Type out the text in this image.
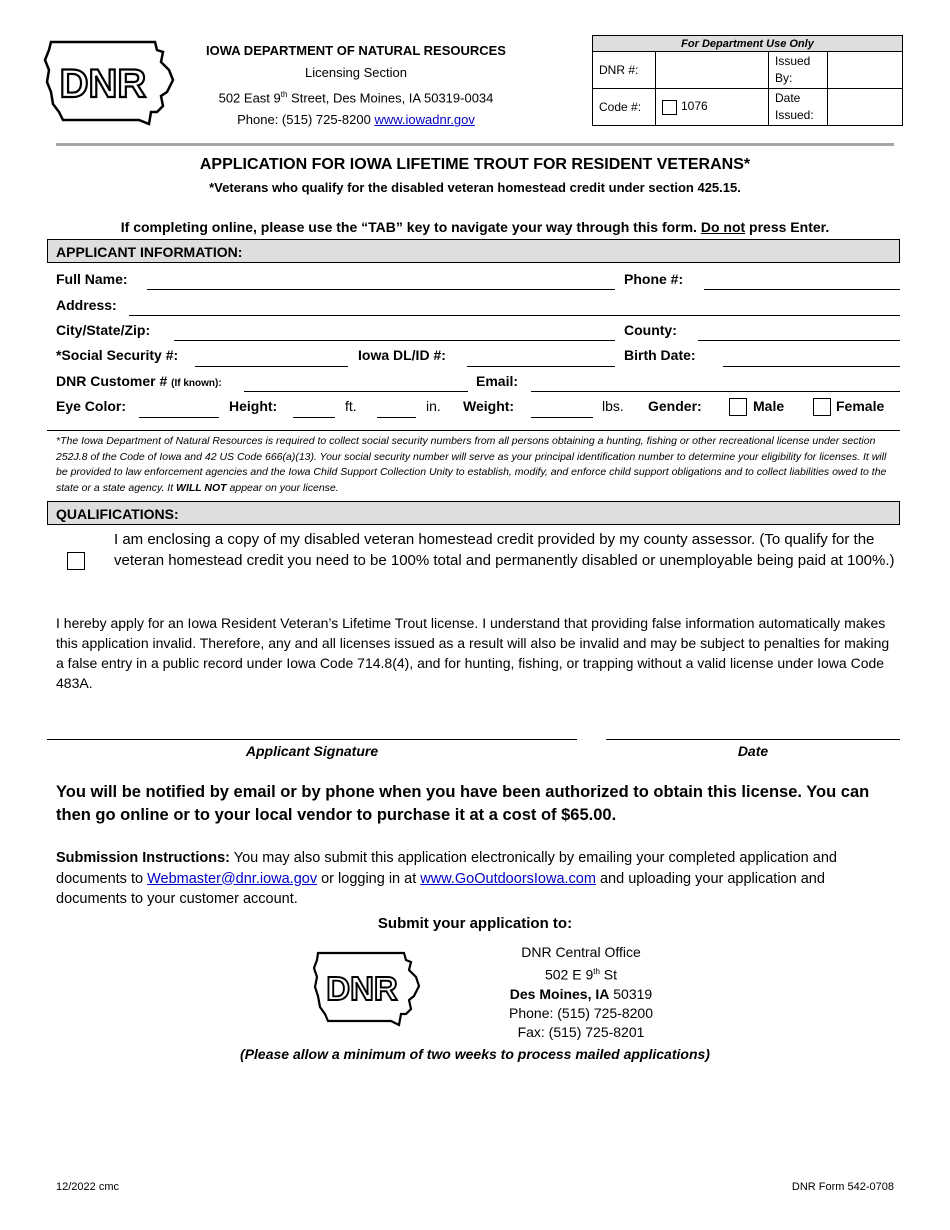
DNR
IOWA DEPARTMENT OF NATURAL RESOURCES
Licensing Section
502 East 9th Street, Des Moines, IA 50319-0034
Phone: (515) 725-8200 www.iowadnr.gov
For Department Use Only			
DNR #:		Issued By:	
Code #:	1076	Date Issued:	
APPLICATION FOR IOWA LIFETIME TROUT FOR RESIDENT VETERANS*
*Veterans who qualify for the disabled veteran homestead credit under section 425.15.
If completing online, please use the “TAB” key to navigate your way through this form. Do not press Enter.
APPLICANT INFORMATION:
Full Name:	Phone #:
Address:
City/State/Zip:	County:
*Social Security #:	Iowa DL/ID #:	Birth Date:
DNR Customer # (If known):	Email:
Eye Color:	Height:	ft.	in. Weight:	lbs. Gender:	Male	Female
*The Iowa Department of Natural Resources is required to collect social security numbers from all persons obtaining a hunting, fishing or other recreational license under section 252J.8 of the Code of Iowa and 42 US Code 666(a)(13). Your social security number will serve as your principal identification number to determine your eligibility for licenses. It will be provided to law enforcement agencies and the Iowa Child Support Collection Unity to establish, modify, and enforce child support obligations and to collect liabilities owed to the state or a state agency. It WILL NOT appear on your license.
QUALIFICATIONS:
I am enclosing a copy of my disabled veteran homestead credit provided by my county assessor. (To qualify for the veteran homestead credit you need to be 100% total and permanently disabled or unemployable being paid at 100%.)
I hereby apply for an Iowa Resident Veteran’s Lifetime Trout license. I understand that providing false information automatically makes this application invalid. Therefore, any and all licenses issued as a result will also be invalid and may be subject to penalties for making a false entry in a public record under Iowa Code 714.8(4), and for hunting, fishing, or trapping without a valid license under Iowa Code 483A.
Applicant Signature	Date
You will be notified by email or by phone when you have been authorized to obtain this license. You can then go online or to your local vendor to purchase it at a cost of $65.00.
Submission Instructions: You may also submit this application electronically by emailing your completed application and documents to Webmaster@dnr.iowa.gov or logging in at www.GoOutdoorsIowa.com and uploading your application and documents to your customer account.
Submit your application to:
DNR
DNR Central Office
502 E 9th St
Des Moines, IA 50319
Phone: (515) 725-8200
Fax: (515) 725-8201
(Please allow a minimum of two weeks to process mailed applications)
12/2022 cmc	DNR Form 542-0708
